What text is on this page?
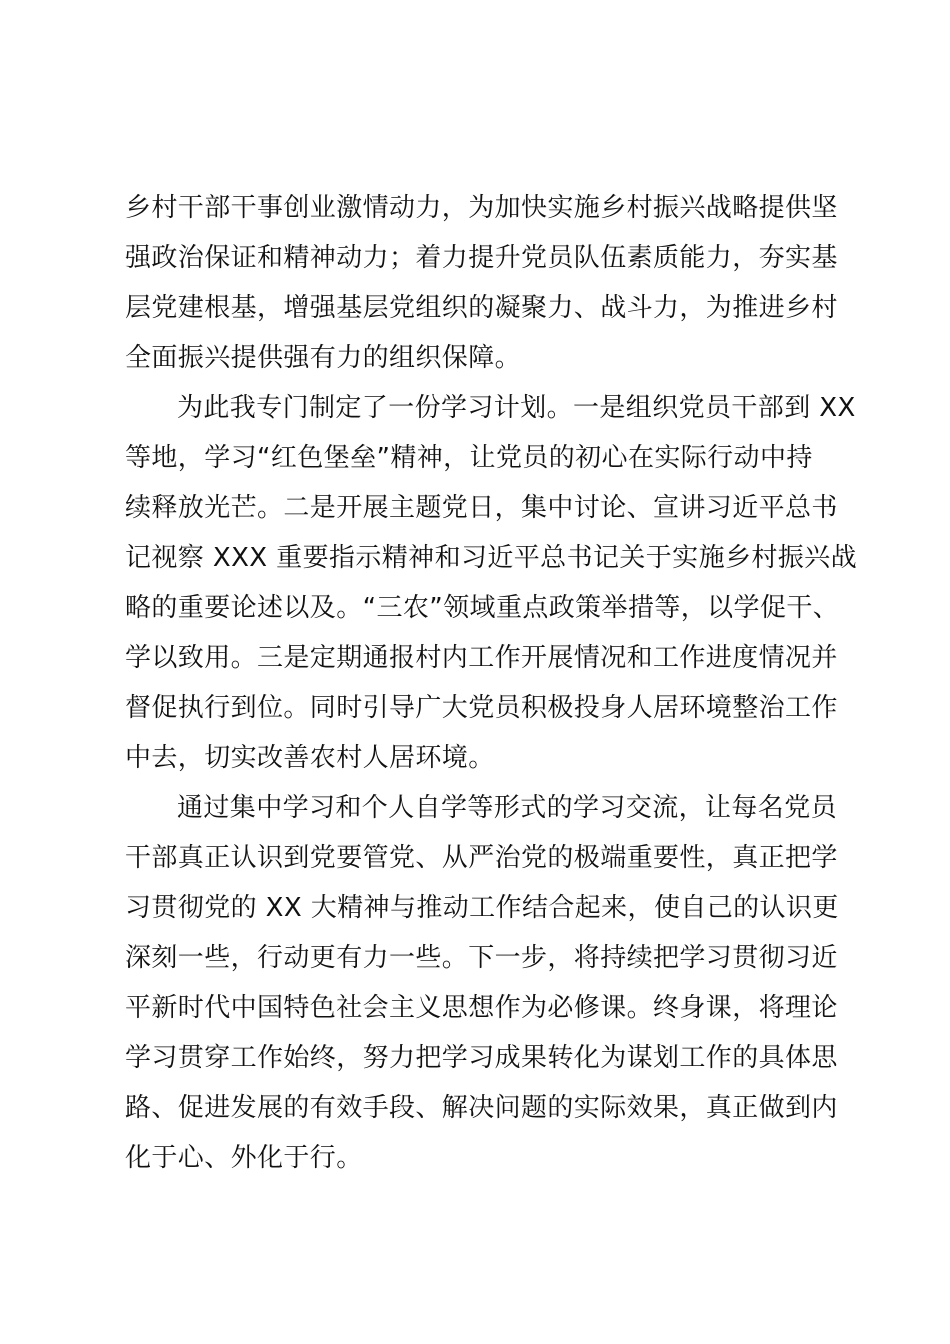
乡村干部干事创业激情动力，为加快实施乡村振兴战略提供坚
强政治保证和精神动力；着力提升党员队伍素质能力，夯实基
层党建根基，增强基层党组织的凝聚力、战斗力，为推进乡村
全面振兴提供强有力的组织保障。

为此我专门制定了一份学习计划。一是组织党员干部到 XX
等地，学习“红色堡垒”精神，让党员的初心在实际行动中持
续释放光芒。二是开展主题党日，集中讨论、宣讲习近平总书
记视察 XXX 重要指示精神和习近平总书记关于实施乡村振兴战
略的重要论述以及。“三农”领域重点政策举措等，以学促干、
学以致用。三是定期通报村内工作开展情况和工作进度情况并
督促执行到位。同时引导广大党员积极投身人居环境整治工作
中去，切实改善农村人居环境。

通过集中学习和个人自学等形式的学习交流，让每名党员
干部真正认识到党要管党、从严治党的极端重要性，真正把学
习贯彻党的 XX 大精神与推动工作结合起来，使自己的认识更
深刻一些，行动更有力一些。下一步，将持续把学习贯彻习近
平新时代中国特色社会主义思想作为必修课。终身课，将理论
学习贯穿工作始终，努力把学习成果转化为谋划工作的具体思
路、促进发展的有效手段、解决问题的实际效果，真正做到内
化于心、外化于行。
